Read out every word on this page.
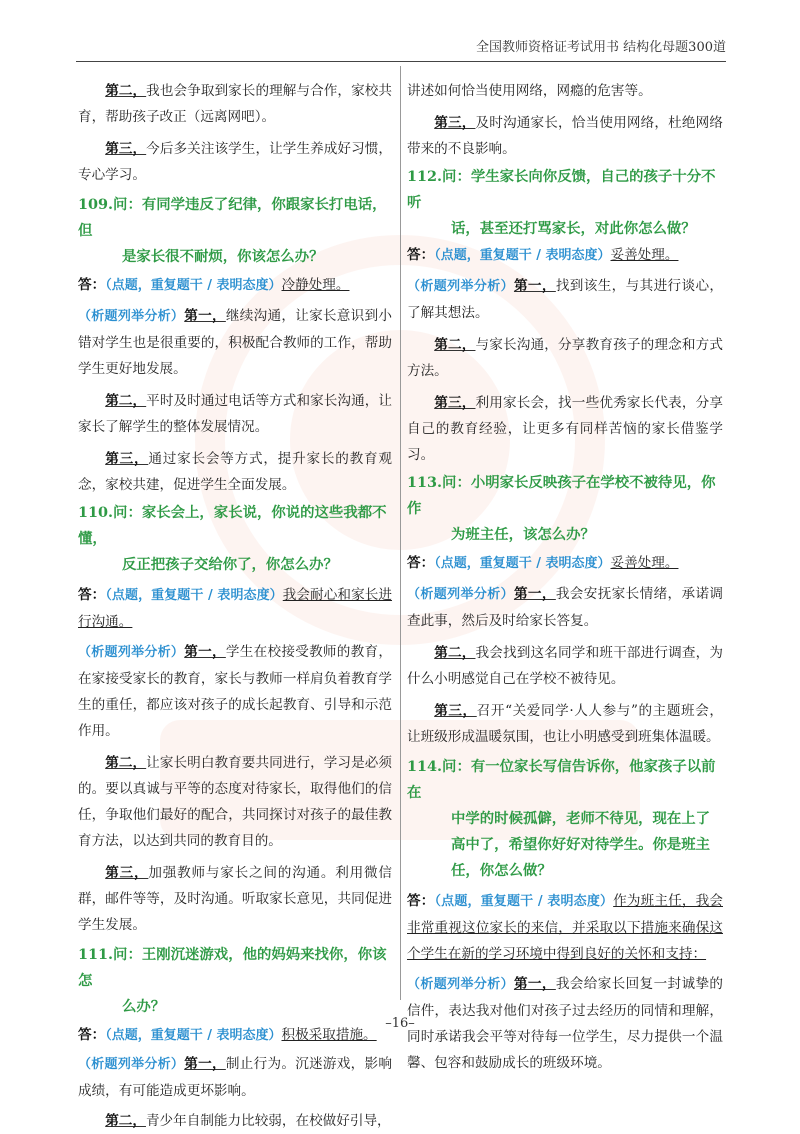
全国教师资格证考试用书 结构化母题300道

第二，我也会争取到家长的理解与合作，家校共育，帮助孩子改正（远离网吧）。

第三，今后多关注该学生，让学生养成好习惯，专心学习。

109.问：有同学违反了纪律，你跟家长打电话，但
是家长很不耐烦，你该怎么办？

答：（点题，重复题干 / 表明态度）冷静处理。

（析题列举分析）第一，继续沟通，让家长意识到小错对学生也是很重要的，积极配合教师的工作，帮助学生更好地发展。

第二，平时及时通过电话等方式和家长沟通，让家长了解学生的整体发展情况。

第三，通过家长会等方式，提升家长的教育观念，家校共建，促进学生全面发展。

110.问：家长会上，家长说，你说的这些我都不懂，
反正把孩子交给你了，你怎么办？

答：（点题，重复题干 / 表明态度）我会耐心和家长进行沟通。

（析题列举分析）第一，学生在校接受教师的教育，在家接受家长的教育，家长与教师一样肩负着教育学生的重任，都应该对孩子的成长起教育、引导和示范作用。

第二，让家长明白教育要共同进行，学习是必须的。要以真诚与平等的态度对待家长，取得他们的信任，争取他们最好的配合，共同探讨对孩子的最佳教育方法，以达到共同的教育目的。

第三，加强教师与家长之间的沟通。利用微信群，邮件等等，及时沟通。听取家长意见，共同促进学生发展。

111.问：王刚沉迷游戏，他的妈妈来找你，你该怎
么办？

答：（点题，重复题干 / 表明态度）积极采取措施。

（析题列举分析）第一，制止行为。沉迷游戏，影响成绩，有可能造成更坏影响。

第二，青少年自制能力比较弱，在校做好引导，

讲述如何恰当使用网络，网瘾的危害等。

第三，及时沟通家长，恰当使用网络，杜绝网络带来的不良影响。

112.问：学生家长向你反馈，自己的孩子十分不听
话，甚至还打骂家长，对此你怎么做？

答：（点题，重复题干 / 表明态度）妥善处理。

（析题列举分析）第一，找到该生，与其进行谈心，了解其想法。

第二，与家长沟通，分享教育孩子的理念和方式方法。

第三，利用家长会，找一些优秀家长代表，分享自己的教育经验，让更多有同样苦恼的家长借鉴学习。

113.问：小明家长反映孩子在学校不被待见，你作
为班主任，该怎么办？

答：（点题，重复题干 / 表明态度）妥善处理。

（析题列举分析）第一，我会安抚家长情绪，承诺调查此事，然后及时给家长答复。

第二，我会找到这名同学和班干部进行调查，为什么小明感觉自己在学校不被待见。

第三，召开“关爱同学·人人参与”的主题班会，让班级形成温暖氛围，也让小明感受到班集体温暖。

114.问：有一位家长写信告诉你，他家孩子以前在
中学的时候孤僻，老师不待见，现在上了
高中了，希望你好好对待学生。你是班主
任，你怎么做？

答：（点题，重复题干 / 表明态度）作为班主任，我会非常重视这位家长的来信，并采取以下措施来确保这个学生在新的学习环境中得到良好的关怀和支持：

（析题列举分析）第一，我会给家长回复一封诚挚的信件，表达我对他们对孩子过去经历的同情和理解，同时承诺我会平等对待每一位学生，尽力提供一个温馨、包容和鼓励成长的班级环境。

–16–
